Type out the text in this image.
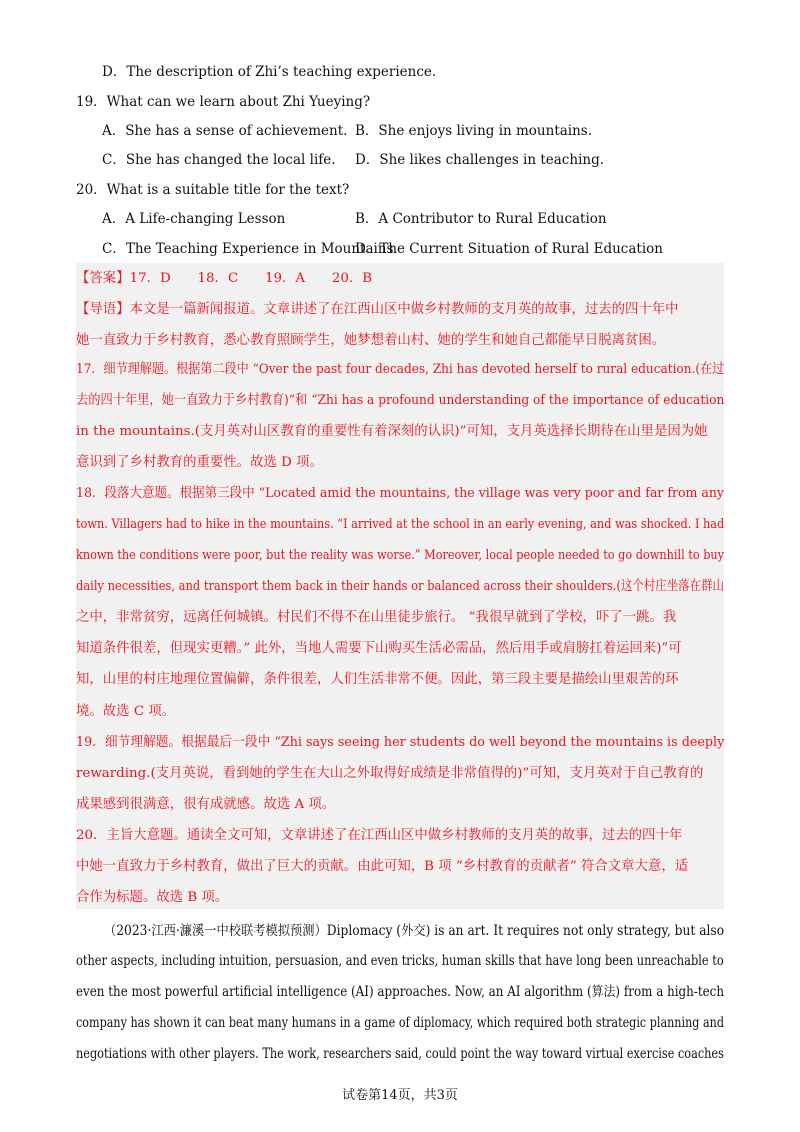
D．The description of Zhi’s teaching experience.
19．What can we learn about Zhi Yueying?
A．She has a sense of achievement. B．She enjoys living in mountains.
C．She has changed the local life. D．She likes challenges in teaching.
20．What is a suitable title for the text?
A．A Life-changing Lesson	B．A Contributor to Rural Education
C．The Teaching Experience in Mountains
D．The Current Situation of Rural Education
【答案】17．D　　18．C　　19．A　　20．B
【导语】本文是一篇新闻报道。文章讲述了在江西山区中做乡村教师的支月英的故事，过去的四十年中
她一直致力于乡村教育，悉心教育照顾学生，她梦想着山村、她的学生和她自己都能早日脱离贫困。
17．细节理解题。根据第二段中 “Over the past four decades, Zhi has devoted herself to rural education.(在过
去的四十年里，她一直致力于乡村教育)”和 “Zhi has a profound understanding of the importance of education
in the mountains.(支月英对山区教育的重要性有着深刻的认识)”可知，支月英选择长期待在山里是因为她
意识到了乡村教育的重要性。故选 D 项。
18．段落大意题。根据第三段中 “Located amid the mountains, the village was very poor and far from any
town. Villagers had to hike in the mountains. “I arrived at the school in an early evening, and was shocked. I had
known the conditions were poor, but the reality was worse.” Moreover, local people needed to go downhill to buy
daily necessities, and transport them back in their hands or balanced across their shoulders.(这个村庄坐落在群山
之中，非常贫穷，远离任何城镇。村民们不得不在山里徒步旅行。 “我很早就到了学校，吓了一跳。我
知道条件很差，但现实更糟。” 此外，当地人需要下山购买生活必需品，然后用手或肩膀扛着运回来)”可
知，山里的村庄地理位置偏僻，条件很差，人们生活非常不便。因此，第三段主要是描绘山里艰苦的环
境。故选 C 项。
19．细节理解题。根据最后一段中 “Zhi says seeing her students do well beyond the mountains is deeply
rewarding.(支月英说，看到她的学生在大山之外取得好成绩是非常值得的)”可知，支月英对于自己教育的
成果感到很满意，很有成就感。故选 A 项。
20．主旨大意题。通读全文可知，文章讲述了在江西山区中做乡村教师的支月英的故事，过去的四十年
中她一直致力于乡村教育，做出了巨大的贡献。由此可知，B 项 “乡村教育的贡献者” 符合文章大意，适
合作为标题。故选 B 项。
（2023·江西·濂溪一中校联考模拟预测）Diplomacy (外交) is an art. It requires not only strategy, but also
other aspects, including intuition, persuasion, and even tricks, human skills that have long been unreachable to
even the most powerful artificial intelligence (AI) approaches. Now, an AI algorithm (算法) from a high-tech
company has shown it can beat many humans in a game of diplomacy, which required both strategic planning and
negotiations with other players. The work, researchers said, could point the way toward virtual exercise coaches
试卷第14页，共3页
